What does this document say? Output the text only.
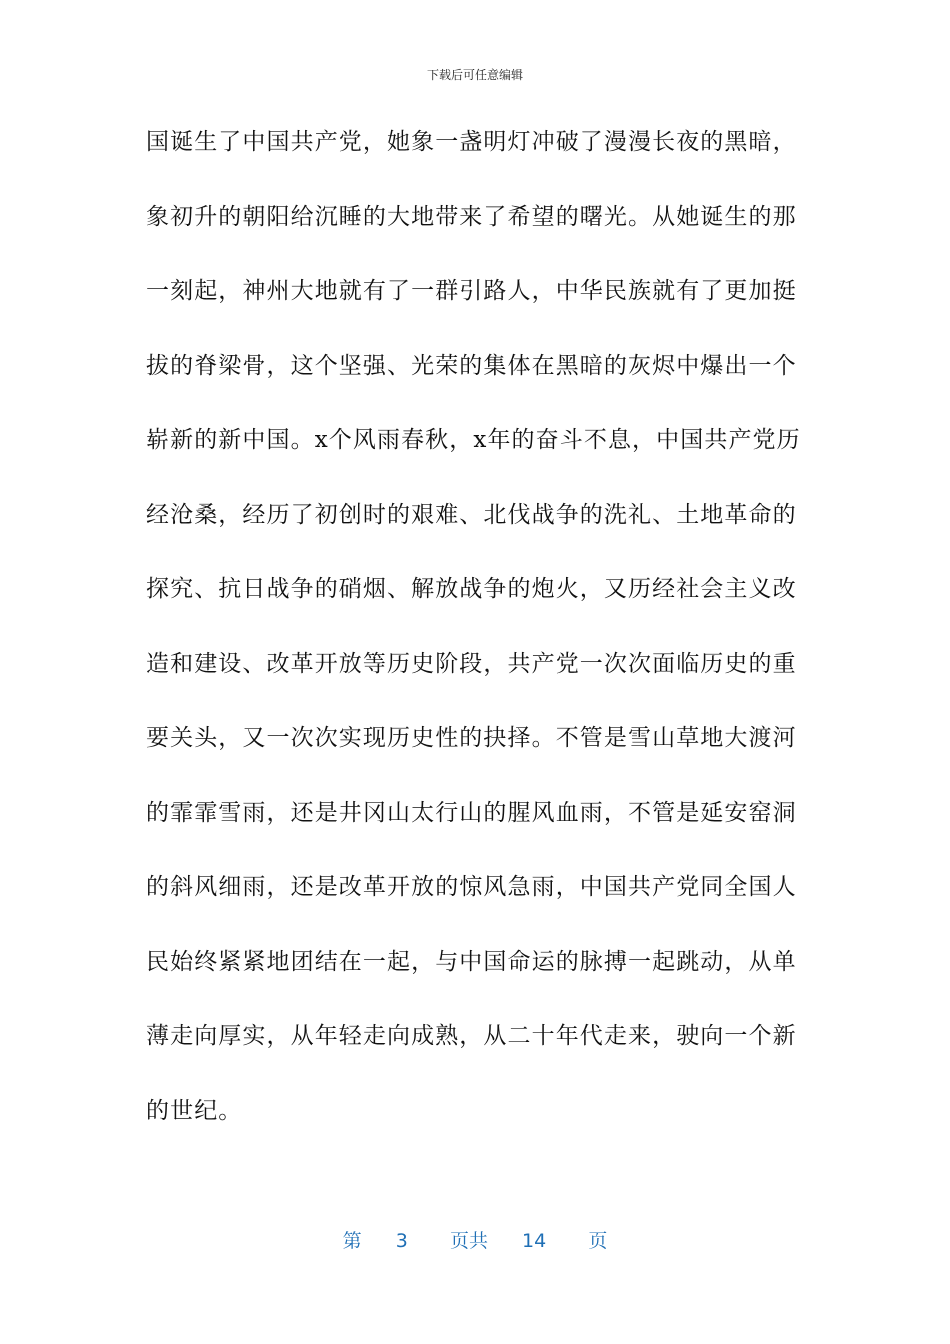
下载后可任意编辑
国诞生了中国共产党，她象一盏明灯冲破了漫漫长夜的黑暗，
象初升的朝阳给沉睡的大地带来了希望的曙光。从她诞生的那
一刻起，神州大地就有了一群引路人，中华民族就有了更加挺
拔的脊梁骨，这个坚强、光荣的集体在黑暗的灰烬中爆出一个
崭新的新中国。x个风雨春秋，x年的奋斗不息，中国共产党历
经沧桑，经历了初创时的艰难、北伐战争的洗礼、土地革命的
探究、抗日战争的硝烟、解放战争的炮火，又历经社会主义改
造和建设、改革开放等历史阶段，共产党一次次面临历史的重
要关头，又一次次实现历史性的抉择。不管是雪山草地大渡河
的霏霏雪雨，还是井冈山太行山的腥风血雨，不管是延安窑洞
的斜风细雨，还是改革开放的惊风急雨，中国共产党同全国人
民始终紧紧地团结在一起，与中国命运的脉搏一起跳动，从单
薄走向厚实，从年轻走向成熟，从二十年代走来，驶向一个新
的世纪。
第 3 页共 14 页
